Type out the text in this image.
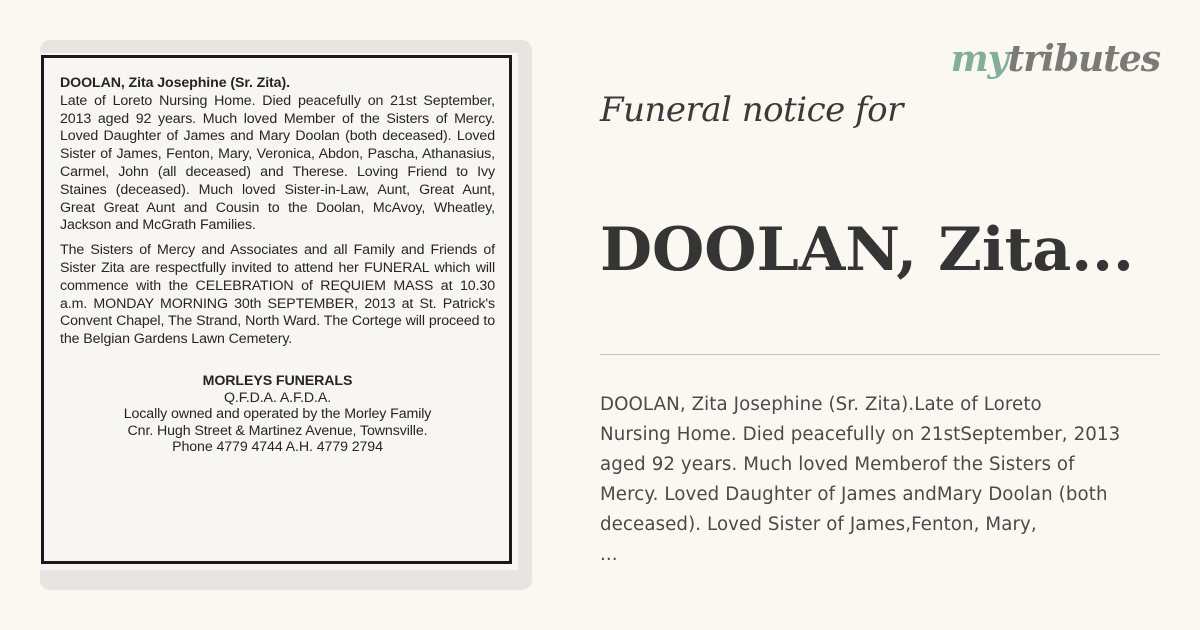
DOOLAN, Zita Josephine (Sr. Zita).

Late of Loreto Nursing Home. Died peacefully on 21st September, 2013 aged 92 years. Much loved Member of the Sisters of Mercy. Loved Daughter of James and Mary Doolan (both deceased). Loved Sister of James, Fenton, Mary, Veronica, Abdon, Pascha, Athanasius, Carmel, John (all deceased) and Therese. Loving Friend to Ivy Staines (deceased). Much loved Sister-in-Law, Aunt, Great Aunt, Great Great Aunt and Cousin to the Doolan, McAvoy, Wheatley, Jackson and McGrath Families.

The Sisters of Mercy and Associates and all Family and Friends of Sister Zita are respectfully invited to attend her FUNERAL which will commence with the CELEBRATION of REQUIEM MASS at 10.30 a.m. MONDAY MORNING 30th SEPTEMBER, 2013 at St. Patrick's Convent Chapel, The Strand, North Ward. The Cortege will proceed to the Belgian Gardens Lawn Cemetery.

MORLEYS FUNERALS
Q.F.D.A. A.F.D.A.
Locally owned and operated by the Morley Family
Cnr. Hugh Street & Martinez Avenue, Townsville.
Phone 4779 4744 A.H. 4779 2794
mytributes
Funeral notice for
DOOLAN, Zita...
DOOLAN, Zita Josephine (Sr. Zita).Late of Loreto
Nursing Home. Died peacefully on 21stSeptember, 2013
aged 92 years. Much loved Memberof the Sisters of
Mercy. Loved Daughter of James andMary Doolan (both
deceased). Loved Sister of James,Fenton, Mary,
...
